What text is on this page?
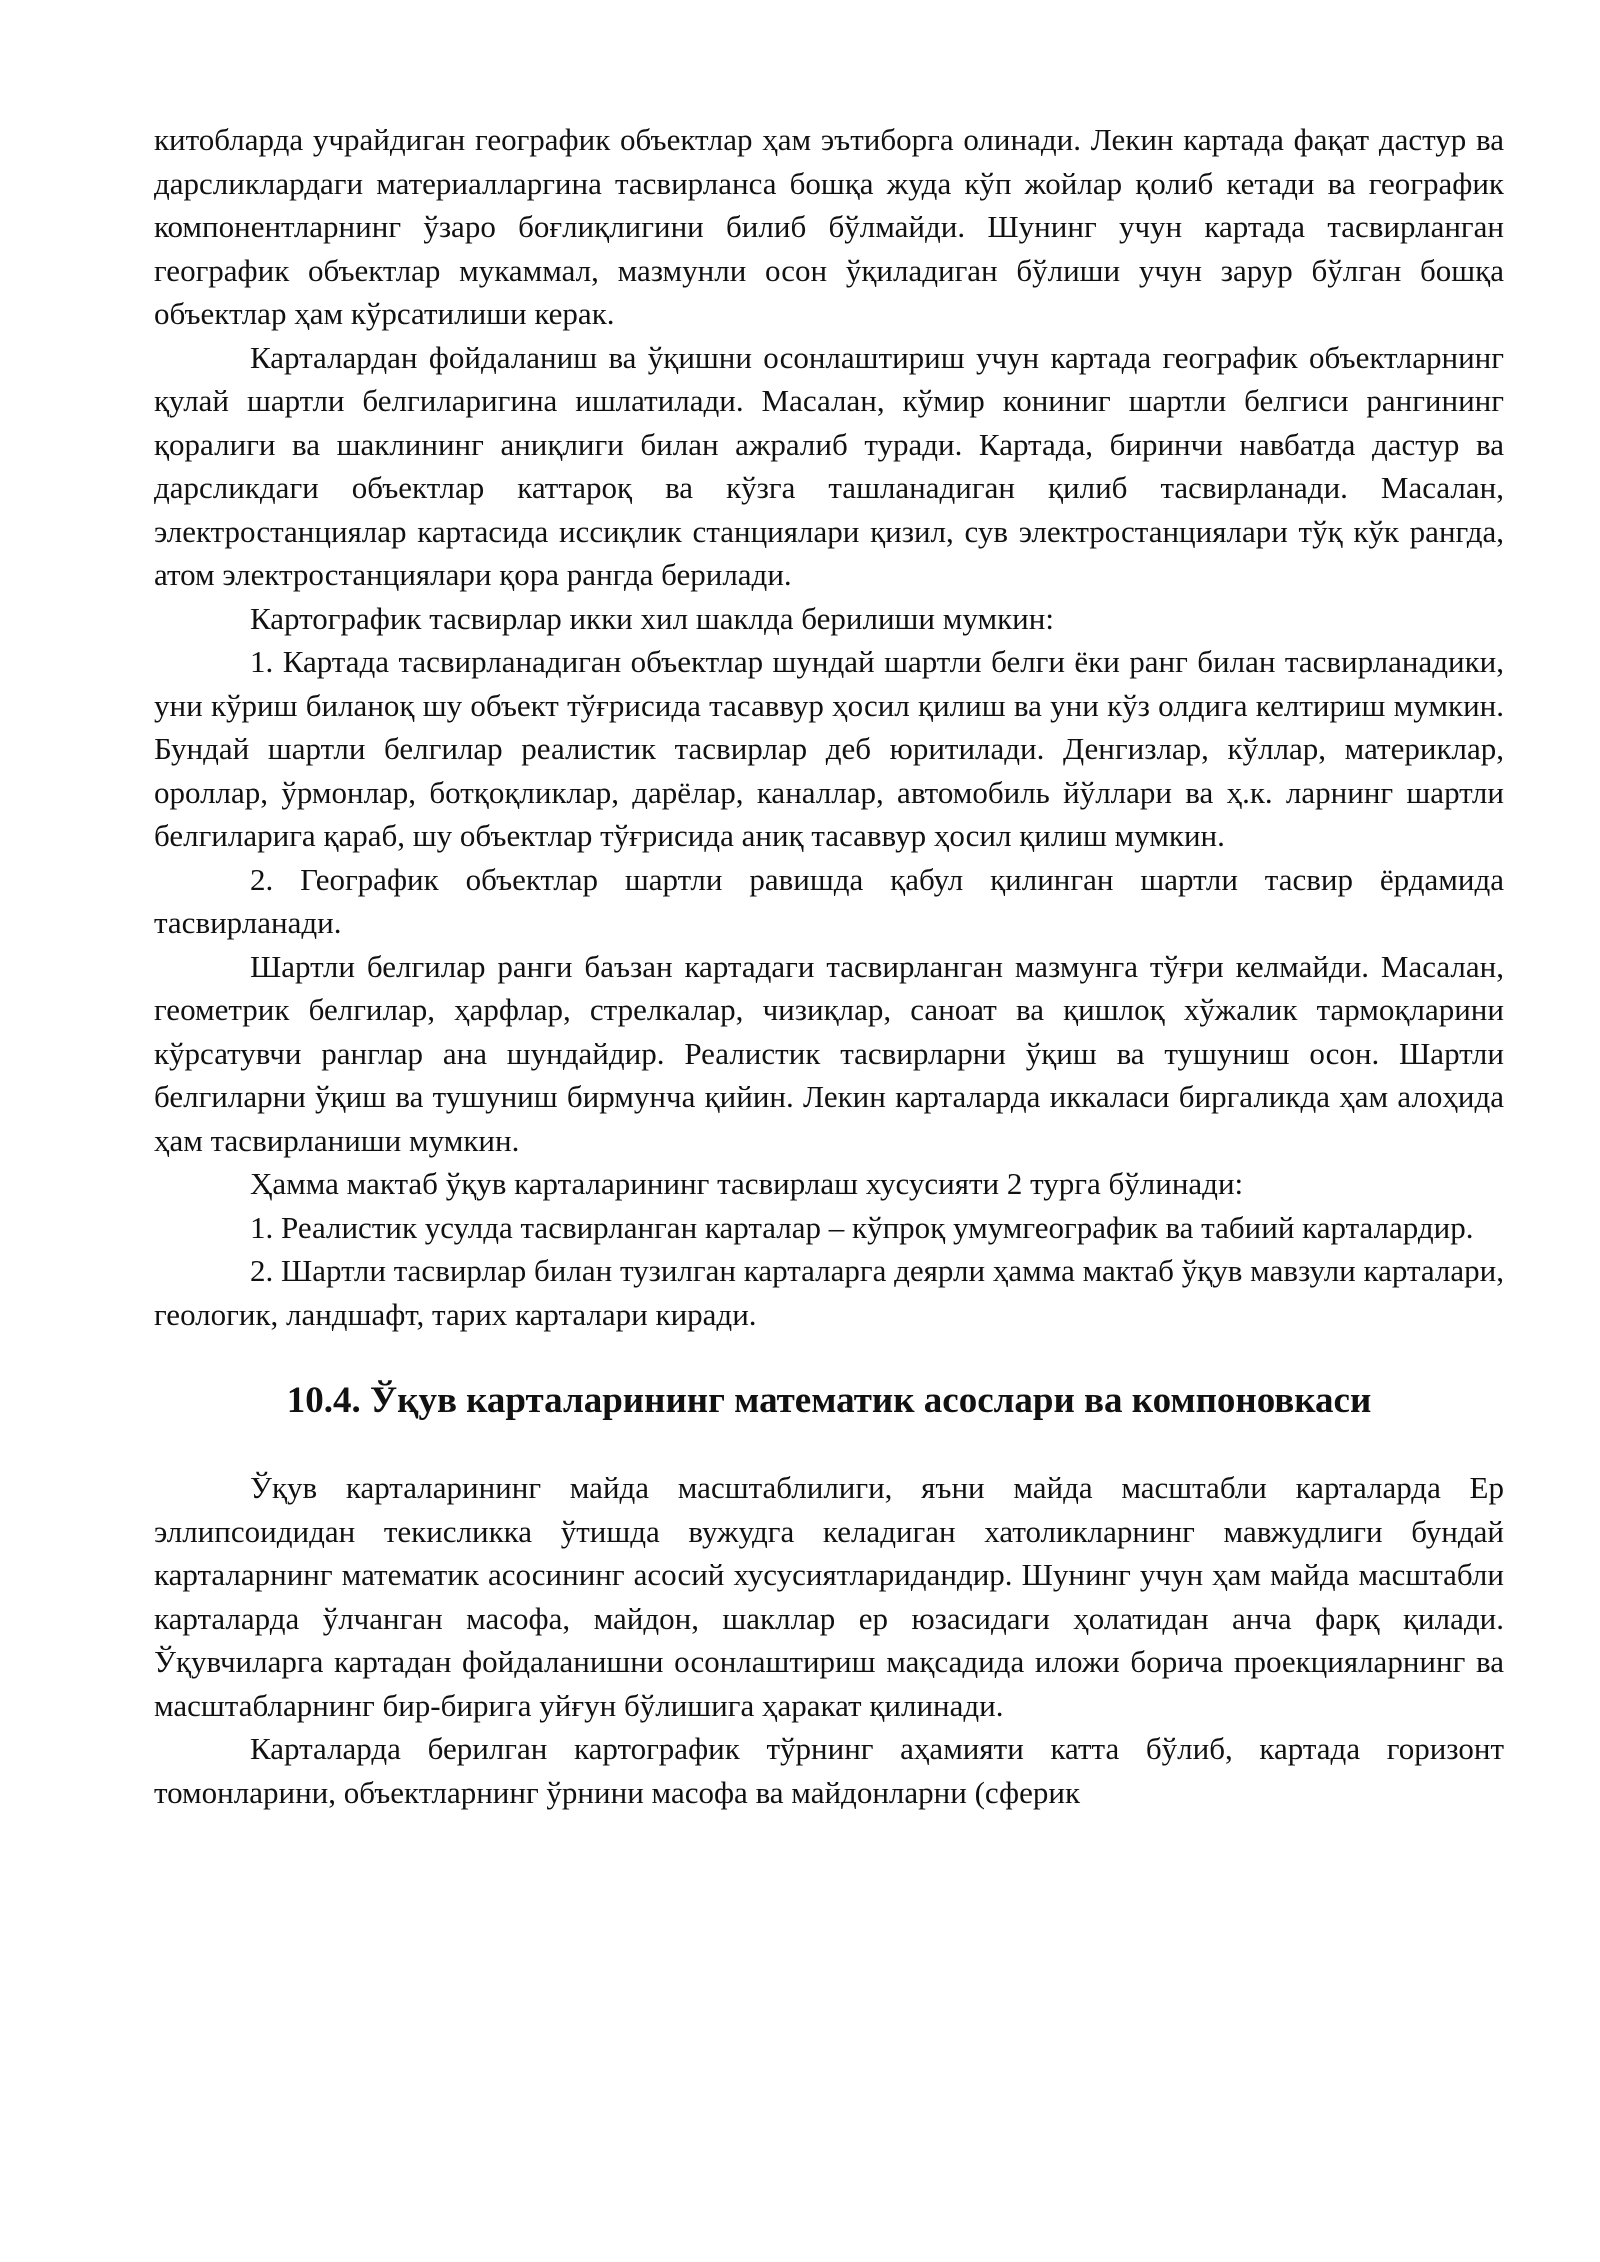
китобларда учрайдиган географик объектлар ҳам эътиборга олинади. Лекин картада фақат дастур ва дарсликлардаги материалларгина тасвирланса бошқа жуда кўп жойлар қолиб кетади ва географик компонентларнинг ўзаро боғлиқлигини билиб бўлмайди. Шунинг учун картада тасвирланган географик объектлар мукаммал, мазмунли осон ўқиладиган бўлиши учун зарур бўлган бошқа объектлар ҳам кўрсатилиши керак.

Карталардан фойдаланиш ва ўқишни осонлаштириш учун картада географик объектларнинг қулай шартли белгиларигина ишлатилади. Масалан, кўмир кониниг шартли белгиси рангининг қоралиги ва шаклининг аниқлиги билан ажралиб туради. Картада, биринчи навбатда дастур ва дарсликдаги объектлар каттароқ ва кўзга ташланадиган қилиб тасвирланади. Масалан, электростанциялар картасида иссиқлик станциялари қизил, сув электростанциялари тўқ кўк рангда, атом электростанциялари қора рангда берилади.

Картографик тасвирлар икки хил шаклда берилиши мумкин:

1. Картада тасвирланадиган объектлар шундай шартли белги ёки ранг билан тасвирланадики, уни кўриш биланоқ шу объект тўғрисида тасаввур ҳосил қилиш ва уни кўз олдига келтириш мумкин. Бундай шартли белгилар реалистик тасвирлар деб юритилади. Денгизлар, кўллар, материклар, ороллар, ўрмонлар, ботқоқликлар, дарёлар, каналлар, автомобиль йўллари ва ҳ.к. ларнинг шартли белгиларига қараб, шу объектлар тўғрисида аниқ тасаввур ҳосил қилиш мумкин.

2. Географик объектлар шартли равишда қабул қилинган шартли тасвир ёрдамида тасвирланади.

Шартли белгилар ранги баъзан картадаги тасвирланган мазмунга тўғри келмайди. Масалан, геометрик белгилар, ҳарфлар, стрелкалар, чизиқлар, саноат ва қишлоқ хўжалик тармоқларини кўрсатувчи ранглар ана шундайдир. Реалистик тасвирларни ўқиш ва тушуниш осон. Шартли белгиларни ўқиш ва тушуниш бирмунча қийин. Лекин карталарда иккаласи биргаликда ҳам алоҳида ҳам тасвирланиши мумкин.

Ҳамма мактаб ўқув карталарининг тасвирлаш хусусияти 2 турга бўлинади:

1. Реалистик усулда тасвирланган карталар – кўпроқ умумгеографик ва табиий карталардир.

2. Шартли тасвирлар билан тузилган карталарга деярли ҳамма мактаб ўқув мавзули карталари, геологик, ландшафт, тарих карталари киради.

10.4. Ўқув карталарининг математик асослари ва компоновкаси

Ўқув карталарининг майда масштаблилиги, яъни майда масштабли карталарда Ер эллипсоидидан текисликка ўтишда вужудга келадиган хатоликларнинг мавжудлиги бундай карталарнинг математик асосининг асосий хусусиятларидандир. Шунинг учун ҳам майда масштабли карталарда ўлчанган масофа, майдон, шакллар ер юзасидаги ҳолатидан анча фарқ қилади. Ўқувчиларга картадан фойдаланишни осонлаштириш мақсадида иложи борича проекцияларнинг ва масштабларнинг бир-бирига уйғун бўлишига ҳаракат қилинади.

Карталарда берилган картографик тўрнинг аҳамияти катта бўлиб, картада горизонт томонларини, объектларнинг ўрнини масофа ва майдонларни (сферик
